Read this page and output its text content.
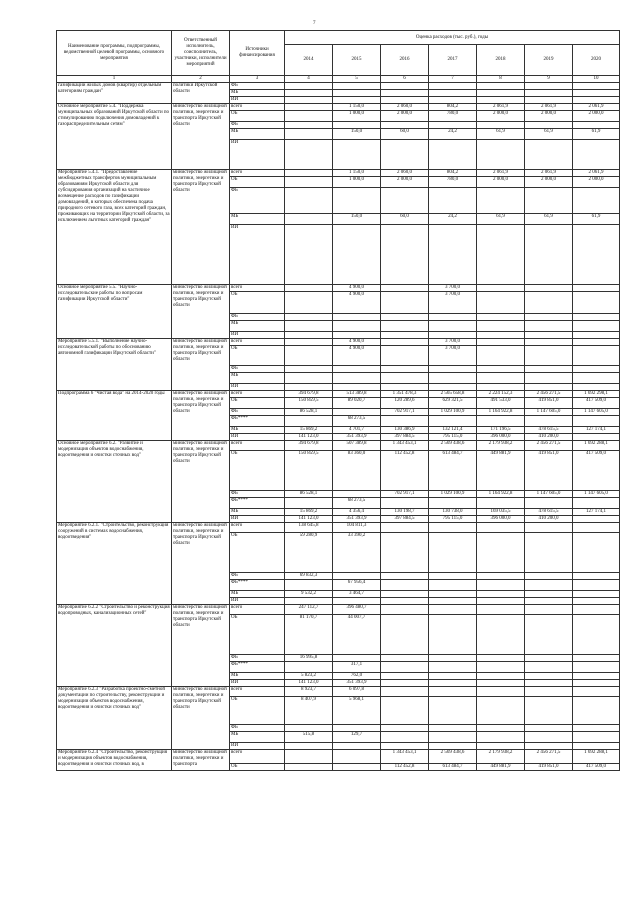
7
Наименование программы, подпрограммы, ведомственной целевой программы, основного мероприятия	Ответственный исполнитель, соисполнитель, участники, исполнители мероприятий	Источники финансирования	Оценка расходов (тыс. руб.), годы						
			2014	2015	2016	2017	2018	2019	2020
1	2	3	4	5	6	7	8	9	10
газификации жилых домов (квартир) отдельным категориям граждан"	политики Иркутской области	ФБ							
		МБ							
		ИИ							
Основное мероприятие 5.4. "Поддержка муниципальных образований Иркутской области по стимулированию подключения домовладений к газораспределительным сетям"	министерство жилищной политики, энергетики и транспорта Иркутской области	всего		1 150,0	2 060,0	804,2	2 061,9	2 061,9	2 061,9
		ОБ		1 000,0	2 000,0	780,0	2 000,0	2 000,0	2 000,0
		ФБ							
		МБ		150,0	60,0	24,2	61,9	61,9	61,9
		ИИ							
Мероприятие 5.4.1. "Предоставление межбюджетных трансфертов муниципальным образованиям Иркутской области для субсидирования организаций на частичное возмещение расходов по газификации домовладений, в которых обеспечена подача природного сетевого газа, всех категорий граждан, проживающих на территории Иркутской области, за исключением льготных категорий граждан"	министерство жилищной политики, энергетики и транспорта Иркутской области	всего		1 150,0	2 060,0	804,2	2 061,9	2 061,9	2 061,9
		ОБ		1 000,0	2 000,0	780,0	2 000,0	2 000,0	2 000,0
		ФБ							
		МБ		150,0	60,0	24,2	61,9	61,9	61,9
		ИИ							
Основное мероприятие 5.5. "Научно-исследовательские работы по вопросам газификации Иркутской области"	министерство жилищной политики, энергетики и транспорта Иркутской области	всего		4 900,0		3 700,0			
		ОБ		4 900,0		3 700,0			
		ФБ							
		МБ							
		ИИ							
Мероприятие 5.5.1. "Выполнение научно-исследовательской работы по обоснованию автономной газификации Иркутской области"	министерство жилищной политики, энергетики и транспорта Иркутской области	всего		4 900,0		3 700,0			
		ОБ		4 900,0		3 700,0			
		ФБ							
		МБ							
		ИИ							
Подпрограмма 6 "Чистая вода" на 2014-2020 годы	министерство жилищной политики, энергетики и транспорта Иркутской области	всего	394 679,8	513 389,8	1 351 478,3	2 565 658,8	2 224 152,3	2 456 271,5	1 692 298,1
		ОБ	150 859,5	89 020,7	120 289,6	629 321,5	491 533,0	419 851,0	417 509,0
		ФБ	86 528,1		702 917,1	1 029 100,9	1 164 922,8	1 147 605,0	1 147 605,0
		ФБ****		68 273,5					
		МБ	15 869,2	4 701,7	130 386,9	132 121,4	171 196,5	478 615,5	127 174,1
		ИИ	141 123,0	351 393,9	397 884,5	795 115,0	396 000,0	410 200,0	
Основное мероприятие 6.2. "Развитие и модернизация объектов водоснабжения, водоотведения и очистки сточных вод"	министерство жилищной политики, энергетики и транспорта Иркутской области	всего	394 679,8	507 389,8	1 343 453,1	2 569 438,6	2 179 938,2	2 456 271,5	1 692 288,1
		ОБ	150 859,5	83 360,0	112 452,8	613 484,7	449 881,9	419 851,0	417 509,0
		ФБ	86 528,1		702 917,1	1 029 100,9	1 164 922,8	1 147 605,0	1 147 605,0
		ФБ****		68 273,5					
		МБ	15 869,2	4 356,4	130 198,7	130 738,0	169 035,5	478 615,5	127 174,1
		ИИ	141 123,0	351 393,9	397 884,5	795 115,0	396 000,0	410 200,0	
Мероприятие 6.2.1. "Строительство, реконструкция сооружений в системах водоснабжения, водоотведения"	министерство жилищной политики, энергетики и транспорта Иркутской области	всего	138 645,8	104 811,3					
		ОБ	59 280,9	33 390,2					
		ФБ	69 832,3						
		ФБ****		67 956,4					
		МБ	9 532,2	3 464,7					
		ИИ							
Мероприятие 6.2.2 "Строительство и реконструкция водопроводных, канализационных сетей"	министерство жилищной политики, энергетики и транспорта Иркутской области	всего	247 112,7	396 480,7					
		ОБ	81 170,7	44 007,7					
		ФБ	16 995,8						
		ФБ****		317,1					
		МБ	5 823,2	762,0					
		ИИ	141 123,0	351 393,9					
Мероприятие 6.2.3 "Разработка проектно-сметной документации по строительству, реконструкции и модернизации объектов водоснабжения, водоотведения и очистки сточных вод"	министерство жилищной политики, энергетики и транспорта Иркутской области	всего	8 923,7	6 097,8					
		ОБ	8 407,9	5 968,1					
		ФБ							
		МБ	515,8	129,7					
		ИИ							
Мероприятие 6.2.4 "Строительство, реконструкция и модернизация объектов водоснабжения, водоотведения и очистки сточных вод, в	министерство жилищной политики, энергетики и транспорта	всего			1 343 453,1	2 569 438,6	2 179 938,2	2 456 271,5	1 692 288,1
		ОБ			112 452,8	613 484,7	449 881,9	419 851,0	417 509,0
